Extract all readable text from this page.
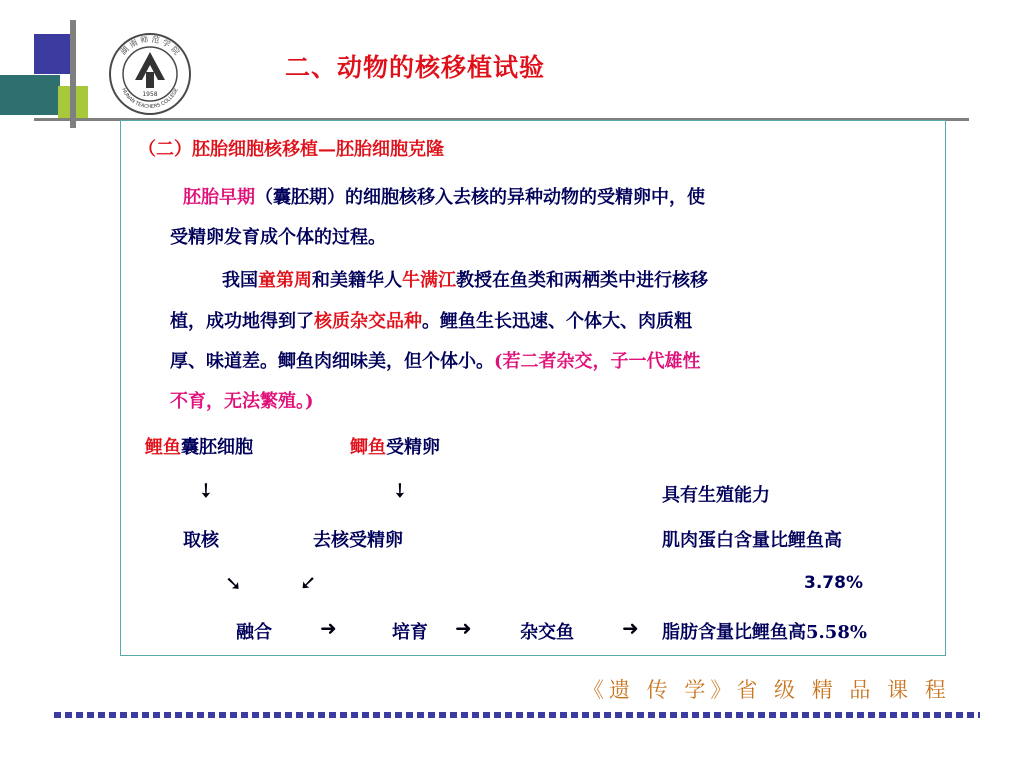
湖 南 师 范 学 院
HUNAN TEACHERS COLLEGE
1958
二、动物的核移植试验
（二）胚胎细胞核移植—胚胎细胞克隆
胚胎早期（囊胚期）的细胞核移入去核的异种动物的受精卵中，使
受精卵发育成个体的过程。
我国童第周和美籍华人牛满江教授在鱼类和两栖类中进行核移
植，成功地得到了核质杂交品种。鲤鱼生长迅速、个体大、肉质粗
厚、味道差。鲫鱼肉细味美，但个体小。(若二者杂交，子一代雄性
不育，无法繁殖。)
鲤鱼囊胚细胞	鲫鱼受精卵
➘	➘	具有生殖能力
取核	去核受精卵	肌肉蛋白含量比鲤鱼高
➘	➘	3.78%
融合 ➜	培育 ➜	杂交鱼 ➜ 脂肪含量比鲤鱼高5.58%
《遗 传 学》省 级 精 品 课 程
